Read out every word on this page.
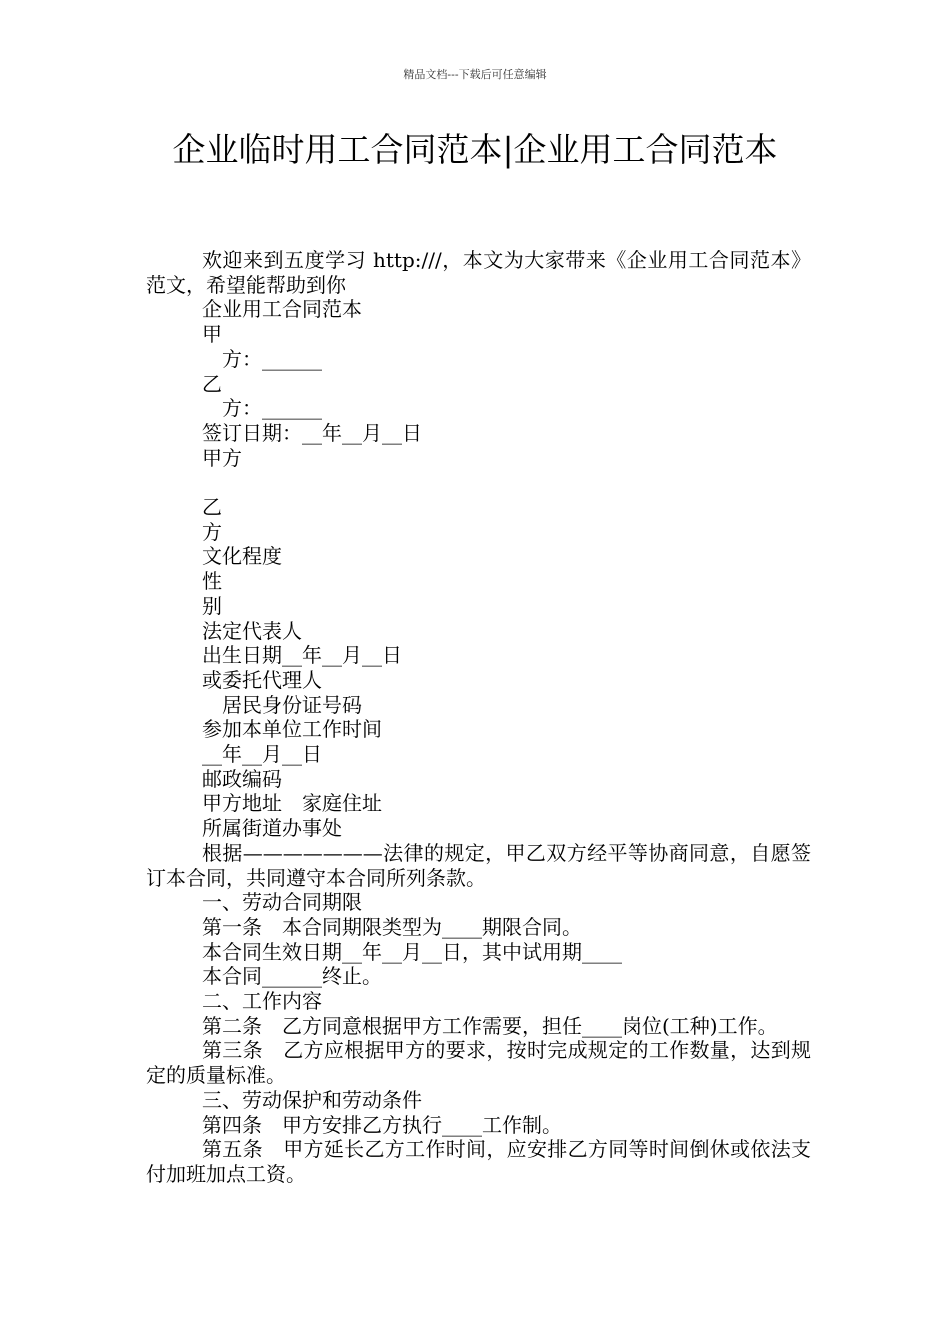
精品文档---下载后可任意编辑
企业临时用工合同范本|企业用工合同范本

欢迎来到五度学习 http:///，本文为大家带来《企业用工合同范本》范文，希望能帮助到你

企业用工合同范本

甲

方：______

乙

方：______

签订日期：__年__月__日

甲方

乙

方

文化程度

性

别

法定代表人

出生日期__年__月__日

或委托代理人

居民身份证号码

参加本单位工作时间

__年__月__日

邮政编码

甲方地址　家庭住址

所属街道办事处

根据———————法律的规定，甲乙双方经平等协商同意，自愿签订本合同，共同遵守本合同所列条款。

一、劳动合同期限

第一条　本合同期限类型为____期限合同。

本合同生效日期__年__月__日，其中试用期____

本合同______终止。

二、工作内容

第二条　乙方同意根据甲方工作需要，担任____岗位(工种)工作。

第三条　乙方应根据甲方的要求，按时完成规定的工作数量，达到规定的质量标准。

三、劳动保护和劳动条件

第四条　甲方安排乙方执行____工作制。

第五条　甲方延长乙方工作时间，应安排乙方同等时间倒休或依法支付加班加点工资。
